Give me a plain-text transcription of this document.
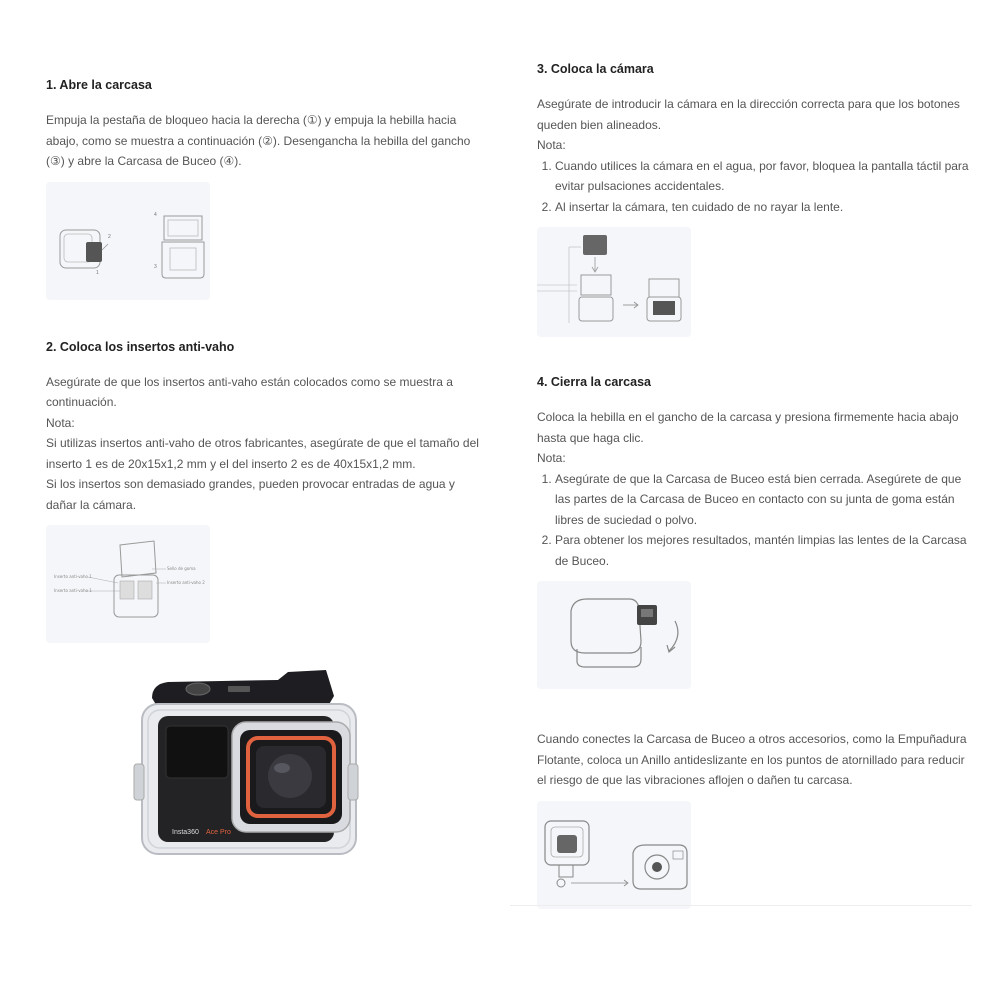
1. Abre la carcasa

Empuja la pestaña de bloqueo hacia la derecha (①) y empuja la hebilla hacia abajo, como se muestra a continuación (②). Desengancha la hebilla del gancho (③) y abre la Carcasa de Buceo (④).

4
3
2
1
2. Coloca los insertos anti-vaho

Asegúrate de que los insertos anti-vaho están colocados como se muestra a continuación.

Nota:

Si utilizas insertos anti-vaho de otros fabricantes, asegúrate de que el tamaño del inserto 1 es de 20x15x1,2 mm y el del inserto 2 es de 40x15x1,2 mm.

Si los insertos son demasiado grandes, pueden provocar entradas de agua y dañar la cámara.

Sello de goma
Inserto anti-vaho 1
Inserto anti-vaho 2
Inserto anti-vaho 1
Insta360 Ace Pro
3. Coloca la cámara

Asegúrate de introducir la cámara en la dirección correcta para que los botones queden bien alineados.

Nota:

1. Cuando utilices la cámara en el agua, por favor, bloquea la pantalla táctil para evitar pulsaciones accidentales.
2. Al insertar la cámara, ten cuidado de no rayar la lente.
4. Cierra la carcasa

Coloca la hebilla en el gancho de la carcasa y presiona firmemente hacia abajo hasta que haga clic.

Nota:

1. Asegúrate de que la Carcasa de Buceo está bien cerrada. Asegúrete de que las partes de la Carcasa de Buceo en contacto con su junta de goma están libres de suciedad o polvo.
2. Para obtener los mejores resultados, mantén limpias las lentes de la Carcasa de Buceo.

Cuando conectes la Carcasa de Buceo a otros accesorios, como la Empuñadura Flotante, coloca un Anillo antideslizante en los puntos de atornillado para reducir el riesgo de que las vibraciones aflojen o dañen tu carcasa.
